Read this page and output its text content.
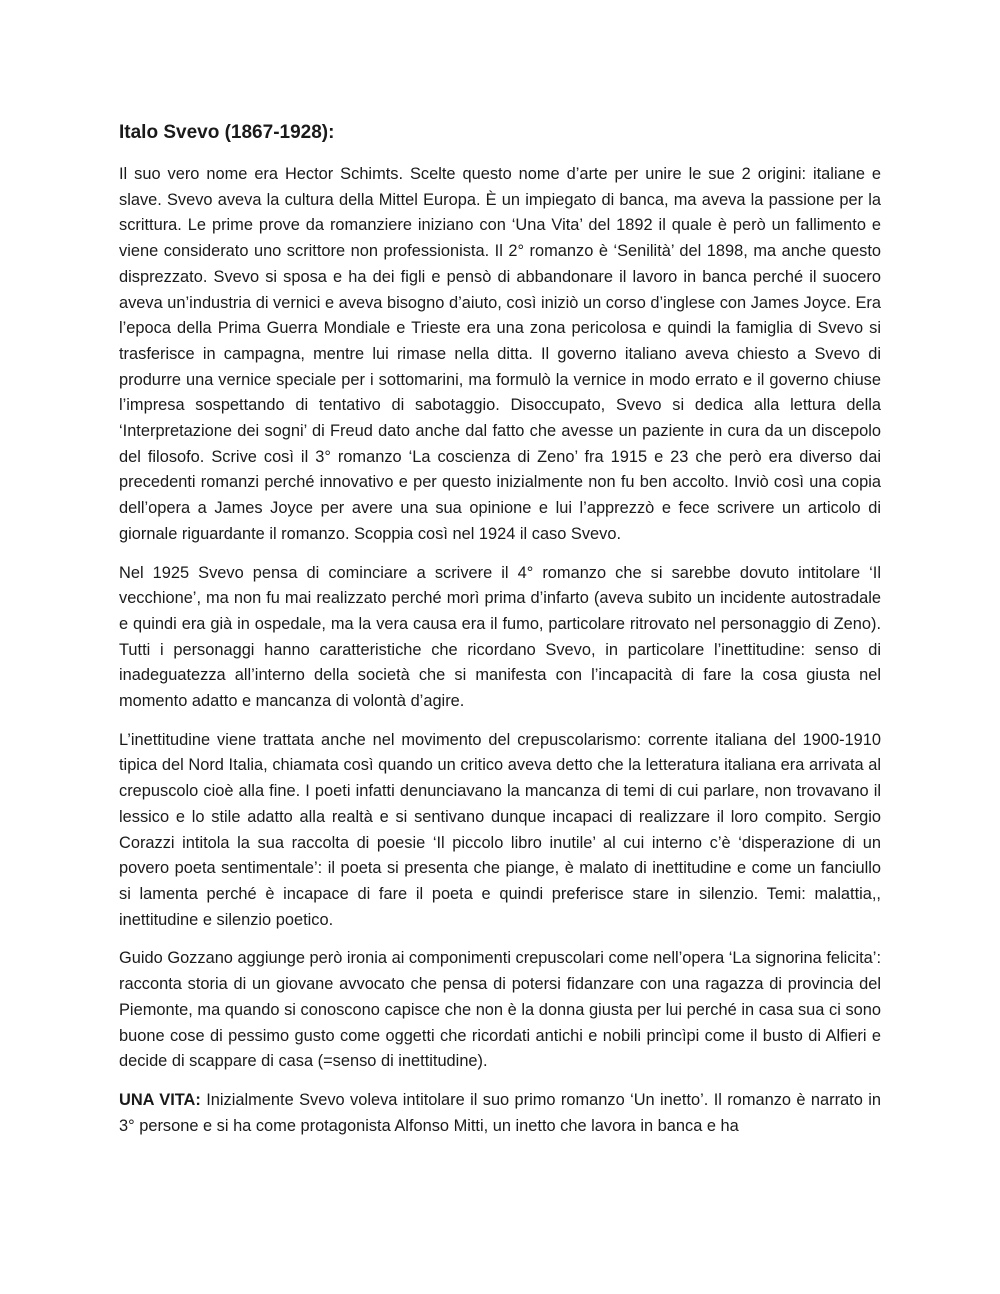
Italo Svevo (1867-1928):

Il suo vero nome era Hector Schimts. Scelte questo nome d’arte per unire le sue 2 origini: italiane e slave. Svevo aveva la cultura della Mittel Europa. È un impiegato di banca, ma aveva la passione per la scrittura. Le prime prove da romanziere iniziano con ‘Una Vita’ del 1892 il quale è però un fallimento e viene considerato uno scrittore non professionista. Il 2° romanzo è ‘Senilità’ del 1898, ma anche questo disprezzato. Svevo si sposa e ha dei figli e pensò di abbandonare il lavoro in banca perché il suocero aveva un’industria di vernici e aveva bisogno d’aiuto, così iniziò un corso d’inglese con James Joyce. Era l’epoca della Prima Guerra Mondiale e Trieste era una zona pericolosa e quindi la famiglia di Svevo si trasferisce in campagna, mentre lui rimase nella ditta. Il governo italiano aveva chiesto a Svevo di produrre una vernice speciale per i sottomarini, ma formulò la vernice in modo errato e il governo chiuse l’impresa sospettando di tentativo di sabotaggio. Disoccupato, Svevo si dedica alla lettura della ‘Interpretazione dei sogni’ di Freud dato anche dal fatto che avesse un paziente in cura da un discepolo del filosofo. Scrive così il 3° romanzo ‘La coscienza di Zeno’ fra 1915 e 23 che però era diverso dai precedenti romanzi perché innovativo e per questo inizialmente non fu ben accolto. Inviò così una copia dell’opera a James Joyce per avere una sua opinione e lui l’apprezzò e fece scrivere un articolo di giornale riguardante il romanzo. Scoppia così nel 1924 il caso Svevo.

Nel 1925 Svevo pensa di cominciare a scrivere il 4° romanzo che si sarebbe dovuto intitolare ‘Il vecchione’, ma non fu mai realizzato perché morì prima d’infarto (aveva subito un incidente autostradale e quindi era già in ospedale, ma la vera causa era il fumo, particolare ritrovato nel personaggio di Zeno). Tutti i personaggi hanno caratteristiche che ricordano Svevo, in particolare l’inettitudine: senso di inadeguatezza all’interno della società che si manifesta con l’incapacità di fare la cosa giusta nel momento adatto e mancanza di volontà d’agire.

L’inettitudine viene trattata anche nel movimento del crepuscolarismo: corrente italiana del 1900-1910 tipica del Nord Italia, chiamata così quando un critico aveva detto che la letteratura italiana era arrivata al crepuscolo cioè alla fine. I poeti infatti denunciavano la mancanza di temi di cui parlare, non trovavano il lessico e lo stile adatto alla realtà e si sentivano dunque incapaci di realizzare il loro compito. Sergio Corazzi intitola la sua raccolta di poesie ‘Il piccolo libro inutile’ al cui interno c’è ‘disperazione di un povero poeta sentimentale’: il poeta si presenta che piange, è malato di inettitudine e come un fanciullo si lamenta perché è incapace di fare il poeta e quindi preferisce stare in silenzio. Temi: malattia,, inettitudine e silenzio poetico.

Guido Gozzano aggiunge però ironia ai componimenti crepuscolari come nell’opera ‘La signorina felicita’: racconta storia di un giovane avvocato che pensa di potersi fidanzare con una ragazza di provincia del Piemonte, ma quando si conoscono capisce che non è la donna giusta per lui perché in casa sua ci sono buone cose di pessimo gusto come oggetti che ricordati antichi e nobili princìpi come il busto di Alfieri e decide di scappare di casa (=senso di inettitudine).

UNA VITA: Inizialmente Svevo voleva intitolare il suo primo romanzo ‘Un inetto’. Il romanzo è narrato in 3° persone e si ha come protagonista Alfonso Mitti, un inetto che lavora in banca e ha
